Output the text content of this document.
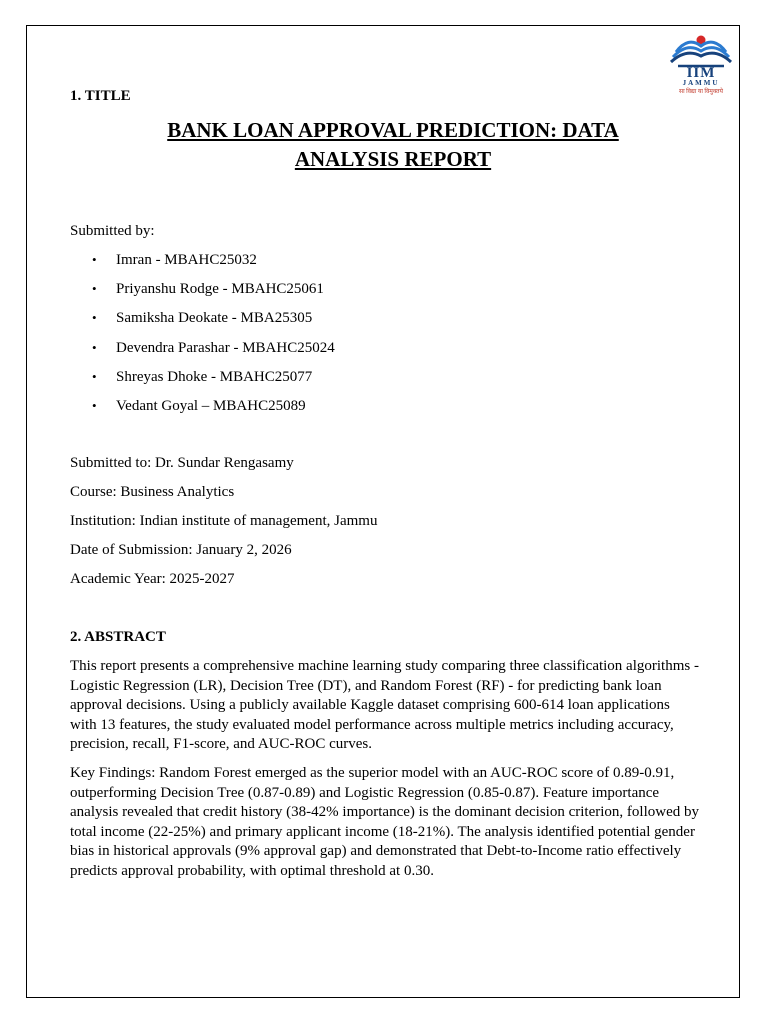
IIM
JAMMU
सा विद्या या विमुक्तये
1. TITLE
BANK LOAN APPROVAL PREDICTION: DATA
ANALYSIS REPORT
Submitted by:
• Imran - MBAHC25032
• Priyanshu Rodge - MBAHC25061
• Samiksha Deokate - MBA25305
• Devendra Parashar - MBAHC25024
• Shreyas Dhoke - MBAHC25077
• Vedant Goyal – MBAHC25089
Submitted to: Dr. Sundar Rengasamy
Course: Business Analytics
Institution: Indian institute of management, Jammu
Date of Submission: January 2, 2026
Academic Year: 2025-2027
2. ABSTRACT
This report presents a comprehensive machine learning study comparing three classification algorithms - Logistic Regression (LR), Decision Tree (DT), and Random Forest (RF) - for predicting bank loan approval decisions. Using a publicly available Kaggle dataset comprising 600-614 loan applications with 13 features, the study evaluated model performance across multiple metrics including accuracy, precision, recall, F1-score, and AUC-ROC curves.
Key Findings: Random Forest emerged as the superior model with an AUC-ROC score of 0.89-0.91, outperforming Decision Tree (0.87-0.89) and Logistic Regression (0.85-0.87). Feature importance analysis revealed that credit history (38-42% importance) is the dominant decision criterion, followed by total income (22-25%) and primary applicant income (18-21%). The analysis identified potential gender bias in historical approvals (9% approval gap) and demonstrated that Debt-to-Income ratio effectively predicts approval probability, with optimal threshold at 0.30.
